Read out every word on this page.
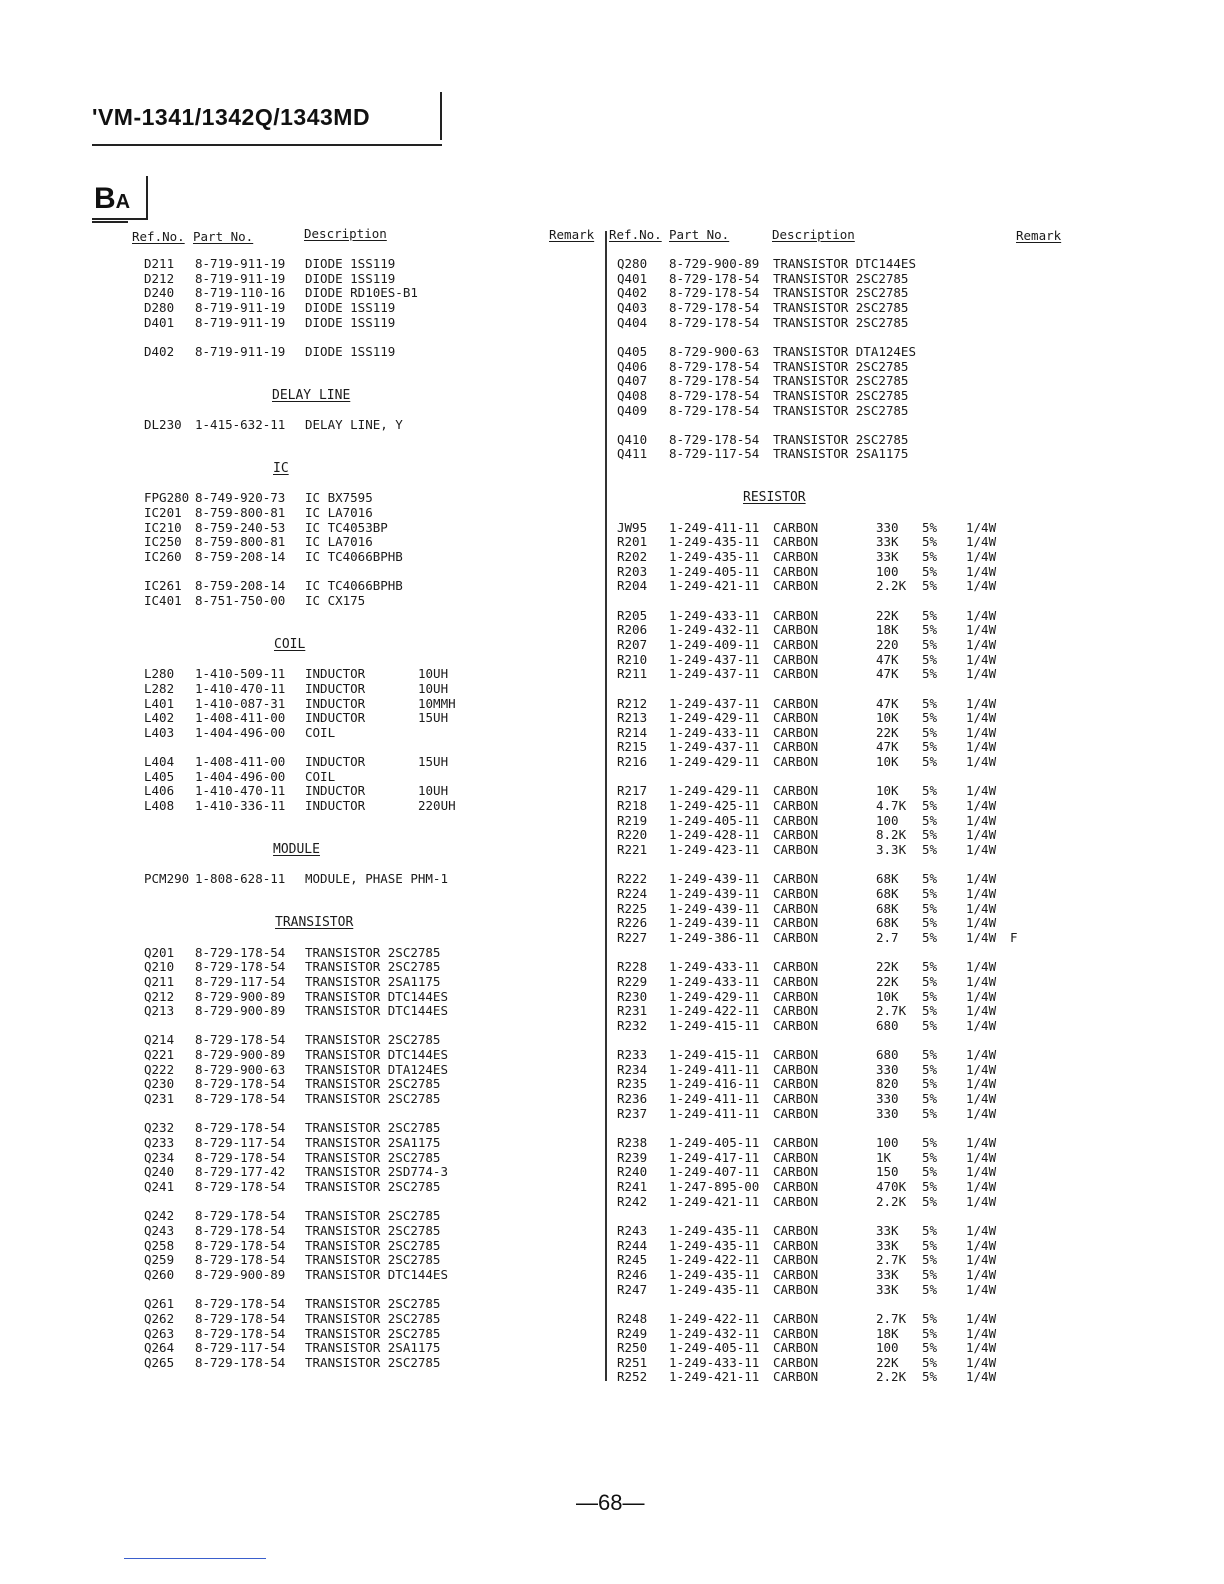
'VM-1341/1342Q/1343MD
BA
Ref.No. Part No.	Description	Remark Ref.No. Part No.	Description	Remark
D211 8-719-911-19 DIODE 1SS119
D212 8-719-911-19 DIODE 1SS119
D240 8-719-110-16 DIODE RD10ES-B1
D280 8-719-911-19 DIODE 1SS119
D401 8-719-911-19 DIODE 1SS119
D402 8-719-911-19 DIODE 1SS119
DELAY LINE
DL230 1-415-632-11 DELAY LINE, Y
IC
FPG280 8-749-920-73 IC BX7595
IC201 8-759-800-81 IC LA7016
IC210 8-759-240-53 IC TC4053BP
IC250 8-759-800-81 IC LA7016
IC260 8-759-208-14 IC TC4066BPHB
IC261 8-759-208-14 IC TC4066BPHB
IC401 8-751-750-00 IC CX175
COIL
L280 1-410-509-11 INDUCTOR	10UH
L282 1-410-470-11 INDUCTOR	10UH
L401 1-410-087-31 INDUCTOR	10MMH
L402 1-408-411-00 INDUCTOR	15UH
L403 1-404-496-00 COIL
L404 1-408-411-00 INDUCTOR	15UH
L405 1-404-496-00 COIL
L406 1-410-470-11 INDUCTOR	10UH
L408 1-410-336-11 INDUCTOR	220UH
MODULE
PCM290 1-808-628-11 MODULE, PHASE PHM-1
TRANSISTOR
Q201 8-729-178-54 TRANSISTOR 2SC2785
Q210 8-729-178-54 TRANSISTOR 2SC2785
Q211 8-729-117-54 TRANSISTOR 2SA1175
Q212 8-729-900-89 TRANSISTOR DTC144ES
Q213 8-729-900-89 TRANSISTOR DTC144ES
Q214 8-729-178-54 TRANSISTOR 2SC2785
Q221 8-729-900-89 TRANSISTOR DTC144ES
Q222 8-729-900-63 TRANSISTOR DTA124ES
Q230 8-729-178-54 TRANSISTOR 2SC2785
Q231 8-729-178-54 TRANSISTOR 2SC2785
Q232 8-729-178-54 TRANSISTOR 2SC2785
Q233 8-729-117-54 TRANSISTOR 2SA1175
Q234 8-729-178-54 TRANSISTOR 2SC2785
Q240 8-729-177-42 TRANSISTOR 2SD774-3
Q241 8-729-178-54 TRANSISTOR 2SC2785
Q242 8-729-178-54 TRANSISTOR 2SC2785
Q243 8-729-178-54 TRANSISTOR 2SC2785
Q258 8-729-178-54 TRANSISTOR 2SC2785
Q259 8-729-178-54 TRANSISTOR 2SC2785
Q260 8-729-900-89 TRANSISTOR DTC144ES
Q261 8-729-178-54 TRANSISTOR 2SC2785
Q262 8-729-178-54 TRANSISTOR 2SC2785
Q263 8-729-178-54 TRANSISTOR 2SC2785
Q264 8-729-117-54 TRANSISTOR 2SA1175
Q265 8-729-178-54 TRANSISTOR 2SC2785
Q280 8-729-900-89 TRANSISTOR DTC144ES
Q401 8-729-178-54 TRANSISTOR 2SC2785
Q402 8-729-178-54 TRANSISTOR 2SC2785
Q403 8-729-178-54 TRANSISTOR 2SC2785
Q404 8-729-178-54 TRANSISTOR 2SC2785
Q405 8-729-900-63 TRANSISTOR DTA124ES
Q406 8-729-178-54 TRANSISTOR 2SC2785
Q407 8-729-178-54 TRANSISTOR 2SC2785
Q408 8-729-178-54 TRANSISTOR 2SC2785
Q409 8-729-178-54 TRANSISTOR 2SC2785
Q410 8-729-178-54 TRANSISTOR 2SC2785
Q411 8-729-117-54 TRANSISTOR 2SA1175
RESISTOR
JW95 1-249-411-11 CARBON	330 5% 1/4W
R201 1-249-435-11 CARBON	33K 5% 1/4W
R202 1-249-435-11 CARBON	33K 5% 1/4W
R203 1-249-405-11 CARBON	100 5% 1/4W
R204 1-249-421-11 CARBON	2.2K 5% 1/4W
R205 1-249-433-11 CARBON	22K 5% 1/4W
R206 1-249-432-11 CARBON	18K 5% 1/4W
R207 1-249-409-11 CARBON	220 5% 1/4W
R210 1-249-437-11 CARBON	47K 5% 1/4W
R211 1-249-437-11 CARBON	47K 5% 1/4W
R212 1-249-437-11 CARBON	47K 5% 1/4W
R213 1-249-429-11 CARBON	10K 5% 1/4W
R214 1-249-433-11 CARBON	22K 5% 1/4W
R215 1-249-437-11 CARBON	47K 5% 1/4W
R216 1-249-429-11 CARBON	10K 5% 1/4W
R217 1-249-429-11 CARBON	10K 5% 1/4W
R218 1-249-425-11 CARBON	4.7K 5% 1/4W
R219 1-249-405-11 CARBON	100 5% 1/4W
R220 1-249-428-11 CARBON	8.2K 5% 1/4W
R221 1-249-423-11 CARBON	3.3K 5% 1/4W
R222 1-249-439-11 CARBON	68K 5% 1/4W
R224 1-249-439-11 CARBON	68K 5% 1/4W
R225 1-249-439-11 CARBON	68K 5% 1/4W
R226 1-249-439-11 CARBON	68K 5% 1/4W
R227 1-249-386-11 CARBON	2.7 5% 1/4W F
R228 1-249-433-11 CARBON	22K 5% 1/4W
R229 1-249-433-11 CARBON	22K 5% 1/4W
R230 1-249-429-11 CARBON	10K 5% 1/4W
R231 1-249-422-11 CARBON	2.7K 5% 1/4W
R232 1-249-415-11 CARBON	680 5% 1/4W
R233 1-249-415-11 CARBON	680 5% 1/4W
R234 1-249-411-11 CARBON	330 5% 1/4W
R235 1-249-416-11 CARBON	820 5% 1/4W
R236 1-249-411-11 CARBON	330 5% 1/4W
R237 1-249-411-11 CARBON	330 5% 1/4W
R238 1-249-405-11 CARBON	100 5% 1/4W
R239 1-249-417-11 CARBON	1K 5% 1/4W
R240 1-249-407-11 CARBON	150 5% 1/4W
R241 1-247-895-00 CARBON	470K 5% 1/4W
R242 1-249-421-11 CARBON	2.2K 5% 1/4W
R243 1-249-435-11 CARBON	33K 5% 1/4W
R244 1-249-435-11 CARBON	33K 5% 1/4W
R245 1-249-422-11 CARBON	2.7K 5% 1/4W
R246 1-249-435-11 CARBON	33K 5% 1/4W
R247 1-249-435-11 CARBON	33K 5% 1/4W
R248 1-249-422-11 CARBON	2.7K 5% 1/4W
R249 1-249-432-11 CARBON	18K 5% 1/4W
R250 1-249-405-11 CARBON	100 5% 1/4W
R251 1-249-433-11 CARBON	22K 5% 1/4W
R252 1-249-421-11 CARBON	2.2K 5% 1/4W
—68—
